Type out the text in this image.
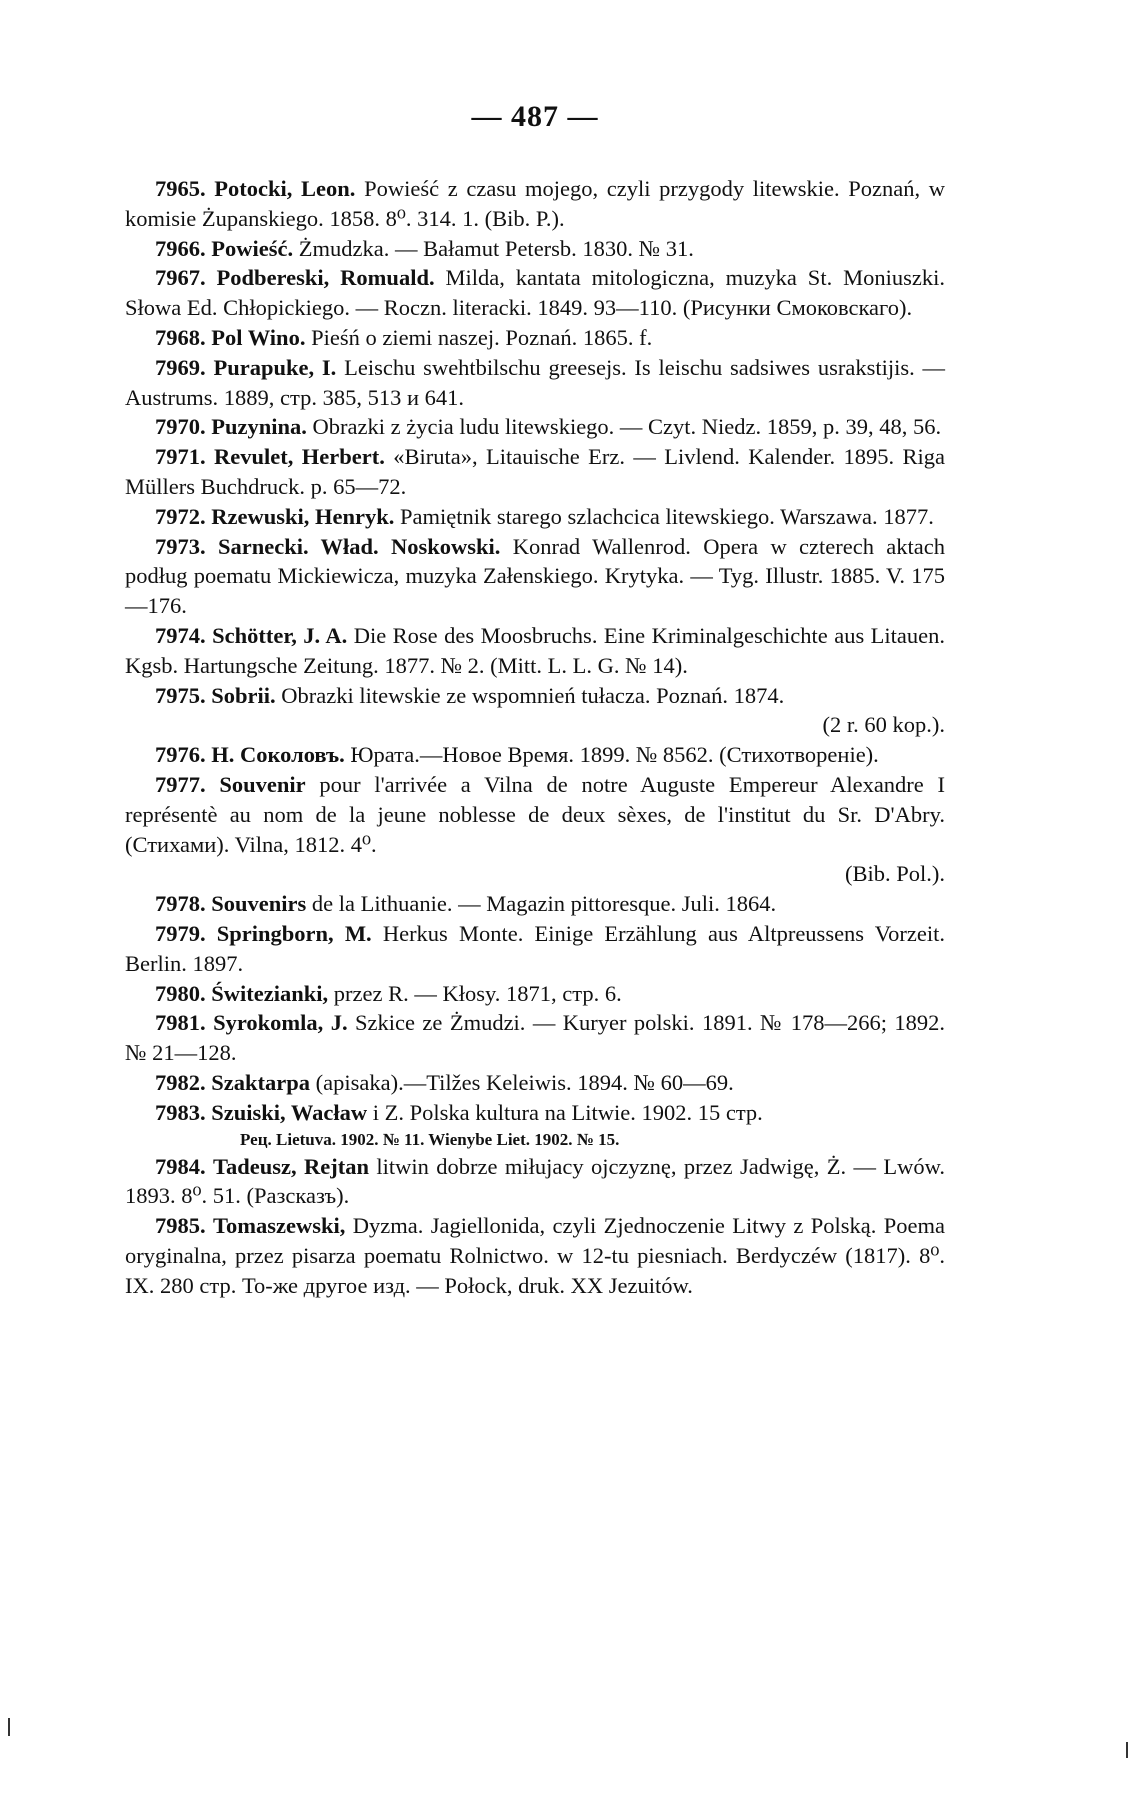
— 487 —

7965. Potocki, Leon. Powieść z czasu mojego, czyli przygody litewskie. Poznań, w komisie Żupanskiego. 1858. 8⁰. 314. 1. (Bib. P.).

7966. Powieść. Żmudzka. — Bałamut Petersb. 1830. № 31.

7967. Podbereski, Romuald. Milda, kantata mitologiczna, muzyka St. Moniuszki. Słowa Ed. Chłopickiego. — Roczn. literacki. 1849. 93—110. (Рисунки Смоковскаго).

7968. Pol Wino. Pieśń o ziemi naszej. Poznań. 1865. f.

7969. Purapuke, I. Leischu swehtbilschu greesejs. Is leischu sadsiwes usrakstijis. — Austrums. 1889, стр. 385, 513 и 641.

7970. Puzynina. Obrazki z życia ludu litewskiego. — Czyt. Niedz. 1859, p. 39, 48, 56.

7971. Revulet, Herbert. «Biruta», Litauische Erz. — Livlend. Kalender. 1895. Riga Müllers Buchdruck. p. 65—72.

7972. Rzewuski, Henryk. Pamiętnik starego szlachcica litewskiego. Warszawa. 1877.

7973. Sarnecki. Wład. Noskowski. Konrad Wallenrod. Opera w czterech aktach podług poematu Mickiewicza, muzyka Załenskiego. Krytyka. — Tyg. Illustr. 1885. V. 175—176.

7974. Schötter, J. A. Die Rose des Moosbruchs. Eine Kriminalgeschichte aus Litauen. Kgsb. Hartungsche Zeitung. 1877. № 2. (Mitt. L. L. G. № 14).

7975. Sobrii. Obrazki litewskie ze wspomnień tułacza. Poznań. 1874.
(2 r. 60 kop.).

7976. Н. Соколовъ. Юрата.—Новое Время. 1899. № 8562. (Стихотвореніе).

7977. Souvenir pour l'arrivée a Vilna de notre Auguste Empereur Alexandre I représentè au nom de la jeune noblesse de deux sèxes, de l'institut du Sr. D'Abry. (Стихами). Vilna, 1812. 4⁰.
(Bib. Pol.).

7978. Souvenirs de la Lithuanie. — Magazin pittoresque. Juli. 1864.

7979. Springborn, M. Herkus Monte. Einige Erzählung aus Altpreussens Vorzeit. Berlin. 1897.

7980. Świtezianki, przez R. — Kłosy. 1871, стр. 6.

7981. Syrokomla, J. Szkice ze Żmudzi. — Kuryer polski. 1891. № 178—266; 1892. № 21—128.

7982. Szaktarpa (apisaka).—Tilžes Keleiwis. 1894. № 60—69.

7983. Szuiski, Wacław i Z. Polska kultura na Litwie. 1902. 15 стр.
Рец. Lietuva. 1902. № 11. Wienybe Liet. 1902. № 15.

7984. Tadeusz, Rejtan litwin dobrze miłujacy ojczyznę, przez Jadwigę, Ż. — Lwów. 1893. 8⁰. 51. (Разсказъ).

7985. Tomaszewski, Dyzma. Jagiellonida, czyli Zjednoczenie Litwy z Polską. Poema oryginalna, przez pisarza poematu Rolnictwo. w 12-tu piesniach. Berdyczéw (1817). 8⁰. IX. 280 стр. То-же другое изд. — Połock, druk. XX Jezuitów.
